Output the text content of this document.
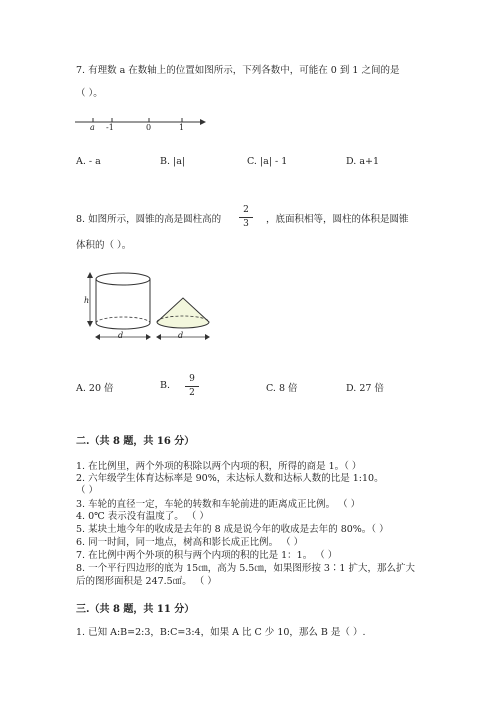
7. 有理数 a 在数轴上的位置如图所示，下列各数中，可能在 0 到 1 之间的是
（ ）。
a -1	0	1
A. - a	B. |a|	C. |a| - 1	D. a+1
8. 如图所示，圆锥的高是圆柱高的
2
3	，底面积相等，圆柱的体积是圆锥
体积的（ ）。
h
d	d
A. 20 倍	B.
9
2	C. 8 倍	D. 27 倍
二.（共 8 题，共 16 分）
1. 在比例里，两个外项的积除以两个内项的积，所得的商是 1。（ ）
2. 六年级学生体育达标率是 90%，未达标人数和达标人数的比是 1:10。
（ ）
3. 车轮的直径一定，车轮的转数和车轮前进的距离成正比例。 （ ）
4. 0℃ 表示没有温度了。 （ ）
5. 某块土地今年的收成是去年的 8 成是说今年的收成是去年的 80%。（ ）
6. 同一时间，同一地点，树高和影长成正比例。 （ ）
7. 在比例中两个外项的积与两个内项的积的比是 1：1。 （ ）
8. 一个平行四边形的底为 15㎝，高为 5.5㎝，如果图形按 3∶1 扩大，那么扩大
后的图形面积是 247.5㎠。 （ ）
三.（共 8 题，共 11 分）
1. 已知 A:B=2:3，B:C=3:4，如果 A 比 C 少 10，那么 B 是（ ）.
